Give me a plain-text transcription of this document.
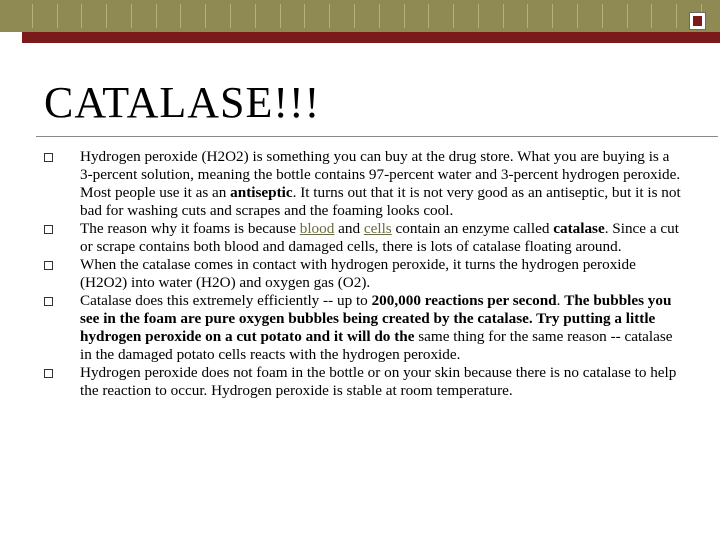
CATALASE!!!
Hydrogen peroxide (H2O2) is something you can buy at the drug store. What you are buying is a 3-percent solution, meaning the bottle contains 97-percent water and 3-percent hydrogen peroxide. Most people use it as an antiseptic. It turns out that it is not very good as an antiseptic, but it is not bad for washing cuts and scrapes and the foaming looks cool.
The reason why it foams is because blood and cells contain an enzyme called catalase. Since a cut or scrape contains both blood and damaged cells, there is lots of catalase floating around.
When the catalase comes in contact with hydrogen peroxide, it turns the hydrogen peroxide (H2O2) into water (H2O) and oxygen gas (O2).
Catalase does this extremely efficiently -- up to 200,000 reactions per second. The bubbles you see in the foam are pure oxygen bubbles being created by the catalase. Try putting a little hydrogen peroxide on a cut potato and it will do the same thing for the same reason -- catalase in the damaged potato cells reacts with the hydrogen peroxide.
Hydrogen peroxide does not foam in the bottle or on your skin because there is no catalase to help the reaction to occur. Hydrogen peroxide is stable at room temperature.
